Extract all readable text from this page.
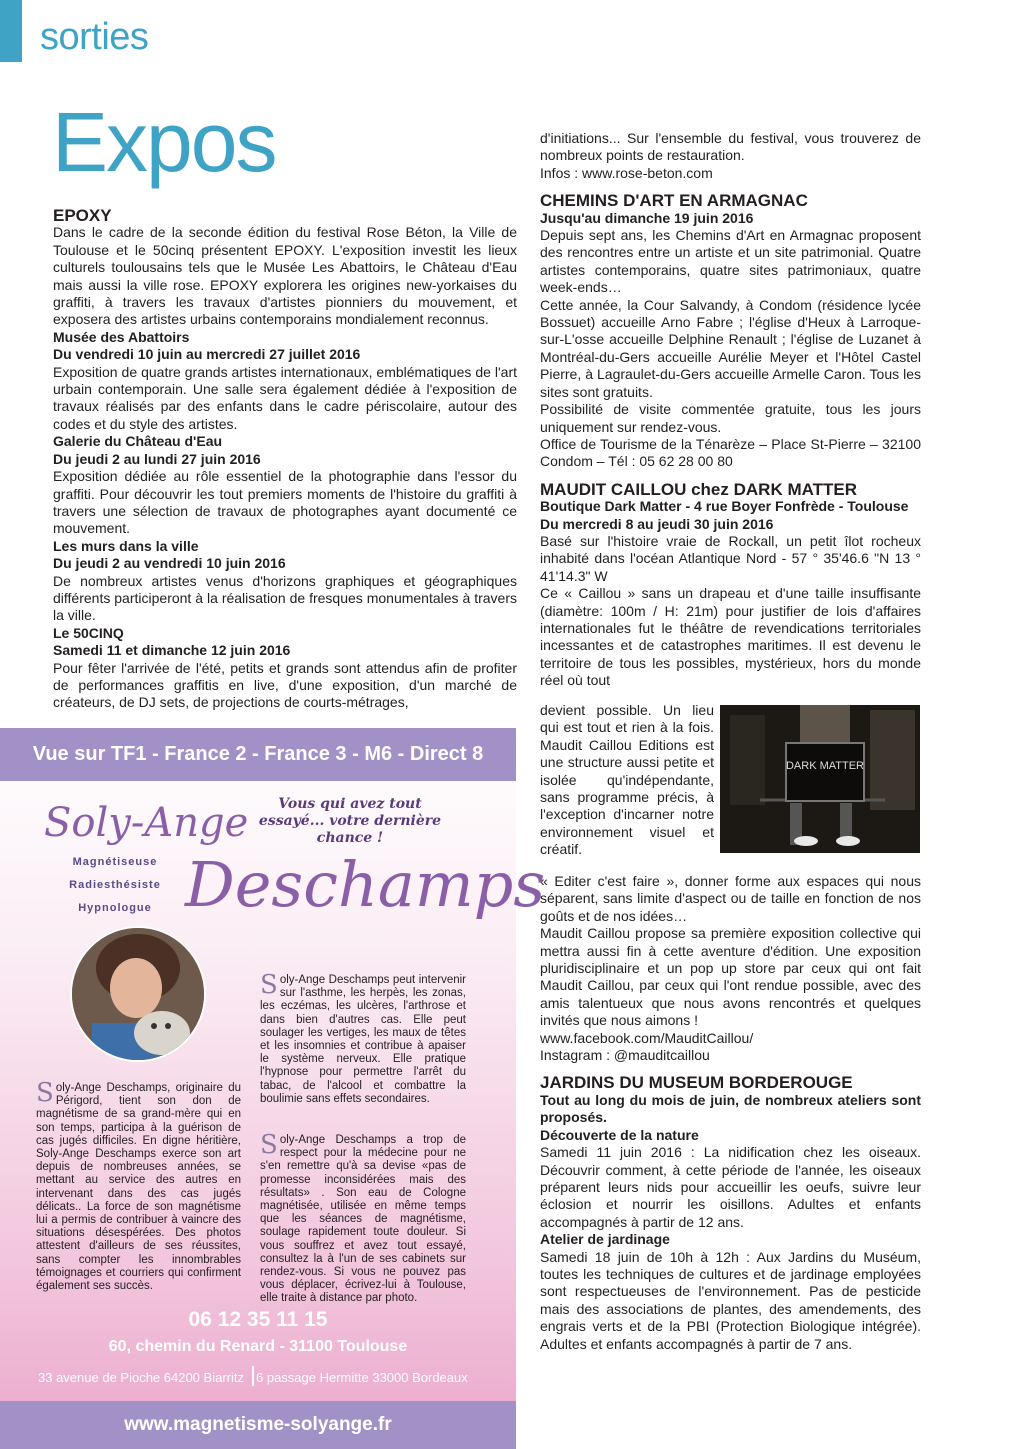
sorties
Expos

EPOXY

Dans le cadre de la seconde édition du festival Rose Béton, la Ville de Toulouse et le 50cinq présentent EPOXY. L'exposition investit les lieux culturels toulousains tels que le Musée Les Abattoirs, le Château d'Eau mais aussi la ville rose. EPOXY explorera les origines new-yorkaises du graffiti, à travers les travaux d'artistes pionniers du mouvement, et exposera des artistes urbains contemporains mondialement reconnus.

Musée des Abattoirs

Du vendredi 10 juin au mercredi 27 juillet 2016

Exposition de quatre grands artistes internationaux, emblématiques de l'art urbain contemporain. Une salle sera également dédiée à l'exposition de travaux réalisés par des enfants dans le cadre périscolaire, autour des codes et du style des artistes.

Galerie du Château d'Eau

Du jeudi 2 au lundi 27 juin 2016

Exposition dédiée au rôle essentiel de la photographie dans l'essor du graffiti. Pour découvrir les tout premiers moments de l'histoire du graffiti à travers une sélection de travaux de photographes ayant documenté ce mouvement.

Les murs dans la ville

Du jeudi 2 au vendredi 10 juin 2016

De nombreux artistes venus d'horizons graphiques et géographiques différents participeront à la réalisation de fresques monumentales à travers la ville.

Le 50CINQ

Samedi 11 et dimanche 12 juin 2016

Pour fêter l'arrivée de l'été, petits et grands sont attendus afin de profiter de performances graffitis en live, d'une exposition, d'un marché de créateurs, de DJ sets, de projections de courts-métrages,

d'initiations... Sur l'ensemble du festival, vous trouverez de nombreux points de restauration.

Infos : www.rose-beton.com

CHEMINS D'ART EN ARMAGNAC

Jusqu'au dimanche 19 juin 2016

Depuis sept ans, les Chemins d'Art en Armagnac proposent des rencontres entre un artiste et un site patrimonial. Quatre artistes contemporains, quatre sites patrimoniaux, quatre week-ends…

Cette année, la Cour Salvandy, à Condom (résidence lycée Bossuet) accueille Arno Fabre ; l'église d'Heux à Larroque-sur-L'osse accueille Delphine Renault ; l'église de Luzanet à Montréal-du-Gers accueille Aurélie Meyer et l'Hôtel Castel Pierre, à Lagraulet-du-Gers accueille Armelle Caron. Tous les sites sont gratuits.

Possibilité de visite commentée gratuite, tous les jours uniquement sur rendez-vous.

Office de Tourisme de la Ténarèze – Place St-Pierre – 32100 Condom – Tél : 05 62 28 00 80

MAUDIT CAILLOU chez DARK MATTER

Boutique Dark Matter - 4 rue Boyer Fonfrède - Toulouse

Du mercredi 8 au jeudi 30 juin 2016

Basé sur l'histoire vraie de Rockall, un petit îlot rocheux inhabité dans l'océan Atlantique Nord - 57 ° 35'46.6 "N 13 ° 41'14.3" W

Ce « Caillou » sans un drapeau et d'une taille insuffisante (diamètre: 100m / H: 21m) pour justifier de lois d'affaires internationales fut le théâtre de revendications territoriales incessantes et de catastrophes maritimes. Il est devenu le territoire de tous les possibles, mystérieux, hors du monde réel où tout

devient possible. Un lieu qui est tout et rien à la fois. Maudit Caillou Editions est une structure aussi petite et isolée qu'indépendante, sans programme précis, à l'exception d'incarner notre environnement visuel et créatif.

« Editer c'est faire », donner forme aux espaces qui nous séparent, sans limite d'aspect ou de taille en fonction de nos goûts et de nos idées…

Maudit Caillou propose sa première exposition collective qui mettra aussi fin à cette aventure d'édition. Une exposition pluridisciplinaire et un pop up store par ceux qui ont fait Maudit Caillou, par ceux qui l'ont rendue possible, avec des amis talentueux que nous avons rencontrés et quelques invités que nous aimons !

www.facebook.com/MauditCaillou/

Instagram : @mauditcaillou

JARDINS DU MUSEUM BORDEROUGE

Tout au long du mois de juin, de nombreux ateliers sont proposés.

Découverte de la nature

Samedi 11 juin 2016 : La nidification chez les oiseaux. Découvrir comment, à cette période de l'année, les oiseaux préparent leurs nids pour accueillir les oeufs, suivre leur éclosion et nourrir les oisillons. Adultes et enfants accompagnés à partir de 12 ans.

Atelier de jardinage

Samedi 18 juin de 10h à 12h : Aux Jardins du Muséum, toutes les techniques de cultures et de jardinage employées sont respectueuses de l'environnement. Pas de pesticide mais des associations de plantes, des amendements, des engrais verts et de la PBI (Protection Biologique intégrée). Adultes et enfants accompagnés à partir de 7 ans.

DARK MATTER
Vue sur TF1 - France 2 - France 3 - M6 - Direct 8
Soly-Ange	Vous qui avez tout essayé... votre dernière chance !
Magnétiseuse
Radiesthésiste
Hypnologue Deschamps
Soly-Ange Deschamps, originaire du Périgord, tient son don de magnétisme de sa grand-mère qui en son temps, participa à la guérison de cas jugés difficiles. En digne héritière, Soly-Ange Deschamps exerce son art depuis de nombreuses années, se mettant au service des autres en intervenant dans des cas jugés délicats.. La force de son magnétisme lui a permis de contribuer à vaincre des situations désespérées. Des photos attestent d'ailleurs de ses réussites, sans compter les innombrables témoignages et courriers qui confirment également ses succès.
Soly-Ange Deschamps peut intervenir sur l'asthme, les herpès, les zonas, les eczémas, les ulcères, l'arthrose et dans bien d'autres cas. Elle peut soulager les vertiges, les maux de têtes et les insomnies et contribue à apaiser le système nerveux. Elle pratique l'hypnose pour permettre l'arrêt du tabac, de l'alcool et combattre la boulimie sans effets secondaires.
Soly-Ange Deschamps a trop de respect pour la médecine pour ne s'en remettre qu'à sa devise «pas de promesse inconsidérées mais des résultats» . Son eau de Cologne magnétisée, utilisée en même temps que les séances de magnétisme, soulage rapidement toute douleur. Si vous souffrez et avez tout essayé, consultez la à l'un de ses cabinets sur rendez-vous. Si vous ne pouvez pas vous déplacer, écrivez-lui à Toulouse, elle traite à distance par photo.
06 12 35 11 15
60, chemin du Renard - 31100 Toulouse
33 avenue de Pioche 64200 Biarritz 6 passage Hermitte 33000 Bordeaux
www.magnetisme-solyange.fr
